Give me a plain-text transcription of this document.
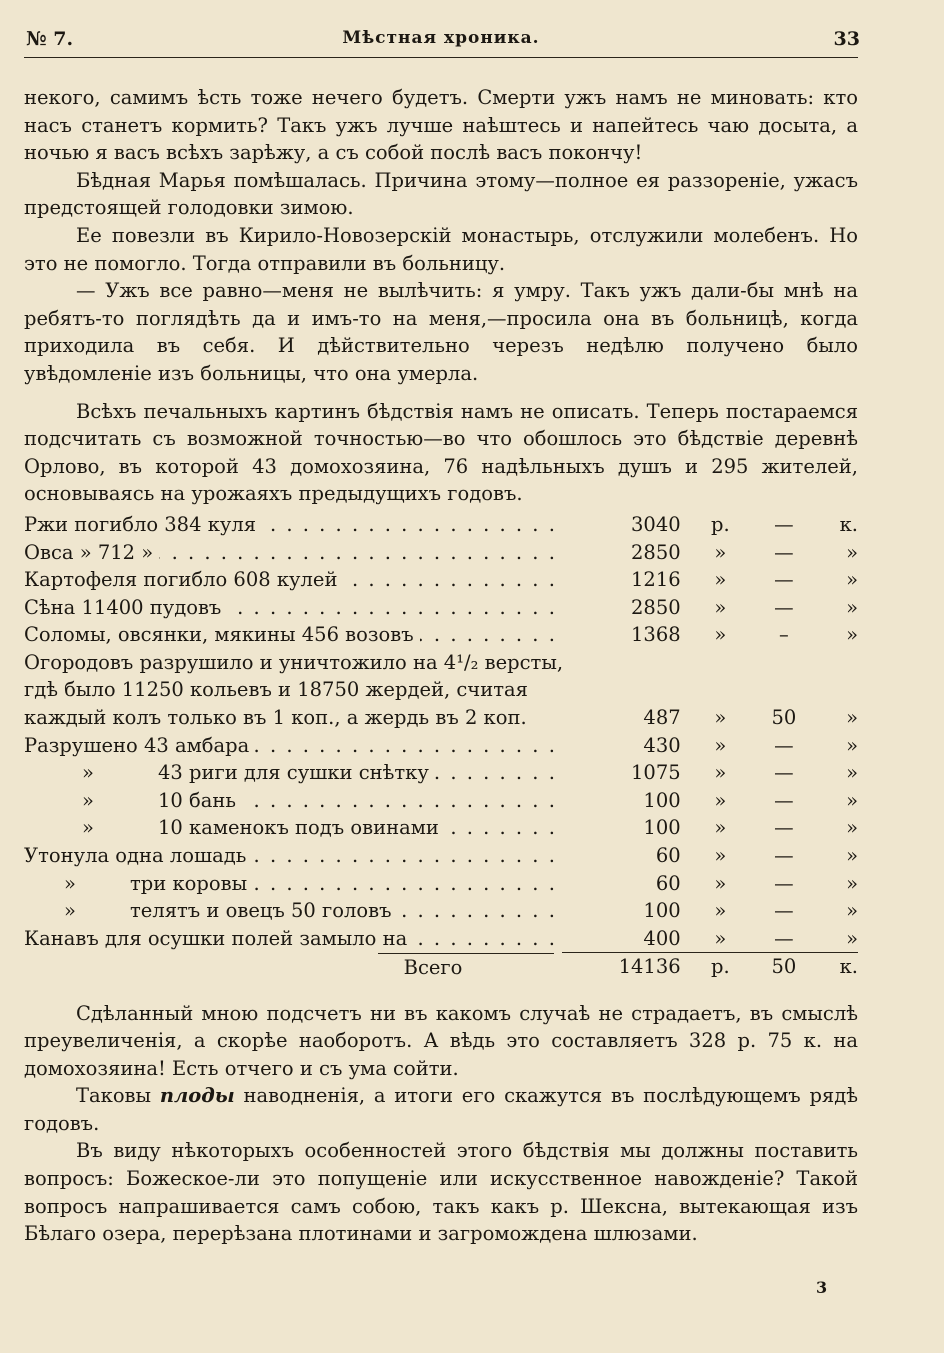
№ 7.	Мѣстная хроника.	33

некого, самимъ ѣсть тоже нечего будетъ. Смерти ужъ намъ не миновать: кто насъ станетъ кормить? Такъ ужъ лучше наѣштесь и напейтесь чаю досыта, а ночью я васъ всѣхъ зарѣжу, а съ собой послѣ васъ покончу!

Бѣдная Марья помѣшалась. Причина этому—полное ея раззореніе, ужасъ предстоящей голодовки зимою.

Ее повезли въ Кирило-Новозерскій монастырь, отслужили молебенъ. Но это не помогло. Тогда отправили въ больницу.

— Ужъ все равно—меня не вылѣчить: я умру. Такъ ужъ дали-бы мнѣ на ребятъ-то поглядѣть да и имъ-то на меня,—просила она въ больницѣ, когда приходила въ себя. И дѣйствительно черезъ недѣлю получено было увѣдомленіе изъ больницы, что она умерла.

Всѣхъ печальныхъ картинъ бѣдствія намъ не описать. Теперь постараемся подсчитать съ возможной точностью—во что обошлось это бѣдствіе деревнѣ Орлово, въ которой 43 домохозяина, 76 надѣльныхъ душъ и 295 жителей, основываясь на урожаяхъ предыдущихъ годовъ.

Ржи погибло 384 куля . . .	3040	р.	—	к.
Овса » 712 » . . .	2850	»	—	»
Картофеля погибло 608 кулей . . .	1216	»	—	»
Сѣна 11400 пудовъ . . .	2850	»	—	»
Соломы, овсянки, мякины 456 возовъ . . .	1368	»	–	»
Огородовъ разрушило и уничтожило на 4¹/₂ версты,				
гдѣ было 11250 кольевъ и 18750 жердей, считая				
каждый колъ только въ 1 коп., а жердь въ 2 коп.	487	»	50	»
Разрушено 43 амбара . . .	430	»	—	»

» 43 риги для сушки снѣтку . . .	1075	»	—	»

» 10 бань . . .	100	»	—	»

» 10 каменокъ подъ овинами . . .	100	»	—	»
Утонула одна лошадь . . .	60	»	—	»

» три коровы . . .	60	»	—	»

» телятъ и овецъ 50 головъ . . .	100	»	—	»
Канавъ для осушки полей замыло на . . .	400	»	—	»
Всего	14136	р.	50	к.

Сдѣланный мною подсчетъ ни въ какомъ случаѣ не страдаетъ, въ смыслѣ преувеличенія, а скорѣе наоборотъ. А вѣдь это составляетъ 328 р. 75 к. на домохозяина! Есть отчего и съ ума сойти.

Таковы плоды наводненія, а итоги его скажутся въ послѣдующемъ рядѣ годовъ.

Въ виду нѣкоторыхъ особенностей этого бѣдствія мы должны поставить вопросъ: Божеское-ли это попущеніе или искусственное навожденіе? Такой вопросъ напрашивается самъ собою, такъ какъ р. Шексна, вытекающая изъ Бѣлаго озера, перерѣзана плотинами и загромождена шлюзами.

3
